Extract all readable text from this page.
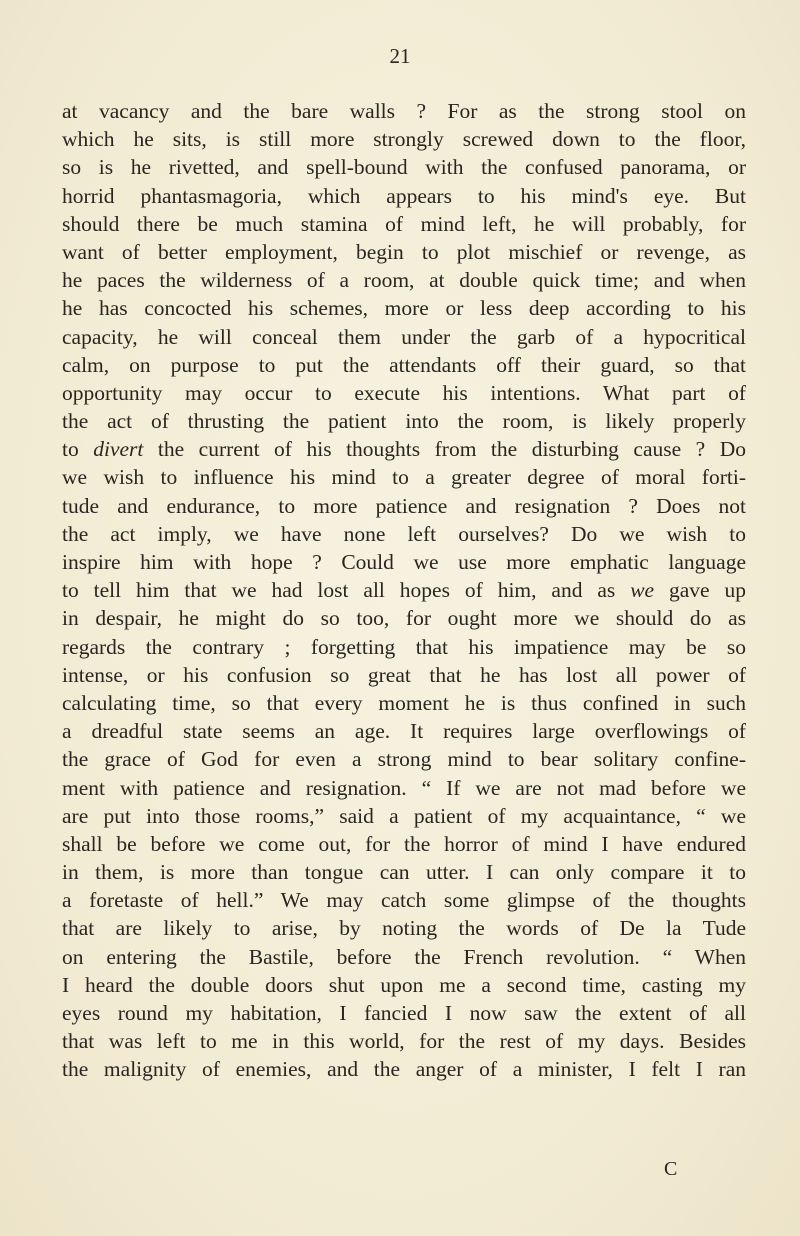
21
at vacancy and the bare walls ? For as the strong stool on
which he sits, is still more strongly screwed down to the floor,
so is he rivetted, and spell-bound with the confused panorama, or
horrid phantasmagoria, which appears to his mind's eye. But
should there be much stamina of mind left, he will probably, for
want of better employment, begin to plot mischief or revenge, as
he paces the wilderness of a room, at double quick time; and when
he has concocted his schemes, more or less deep according to his
capacity, he will conceal them under the garb of a hypocritical
calm, on purpose to put the attendants off their guard, so that
opportunity may occur to execute his intentions. What part of
the act of thrusting the patient into the room, is likely properly
to divert the current of his thoughts from the disturbing cause ? Do
we wish to influence his mind to a greater degree of moral forti-
tude and endurance, to more patience and resignation ? Does not
the act imply, we have none left ourselves? Do we wish to
inspire him with hope ? Could we use more emphatic language
to tell him that we had lost all hopes of him, and as we gave up
in despair, he might do so too, for ought more we should do as
regards the contrary ; forgetting that his impatience may be so
intense, or his confusion so great that he has lost all power of
calculating time, so that every moment he is thus confined in such
a dreadful state seems an age. It requires large overflowings of
the grace of God for even a strong mind to bear solitary confine-
ment with patience and resignation. “ If we are not mad before we
are put into those rooms,” said a patient of my acquaintance, “ we
shall be before we come out, for the horror of mind I have endured
in them, is more than tongue can utter. I can only compare it to
a foretaste of hell.” We may catch some glimpse of the thoughts
that are likely to arise, by noting the words of De la Tude
on entering the Bastile, before the French revolution. “ When
I heard the double doors shut upon me a second time, casting my
eyes round my habitation, I fancied I now saw the extent of all
that was left to me in this world, for the rest of my days. Besides
the malignity of enemies, and the anger of a minister, I felt I ran
C
